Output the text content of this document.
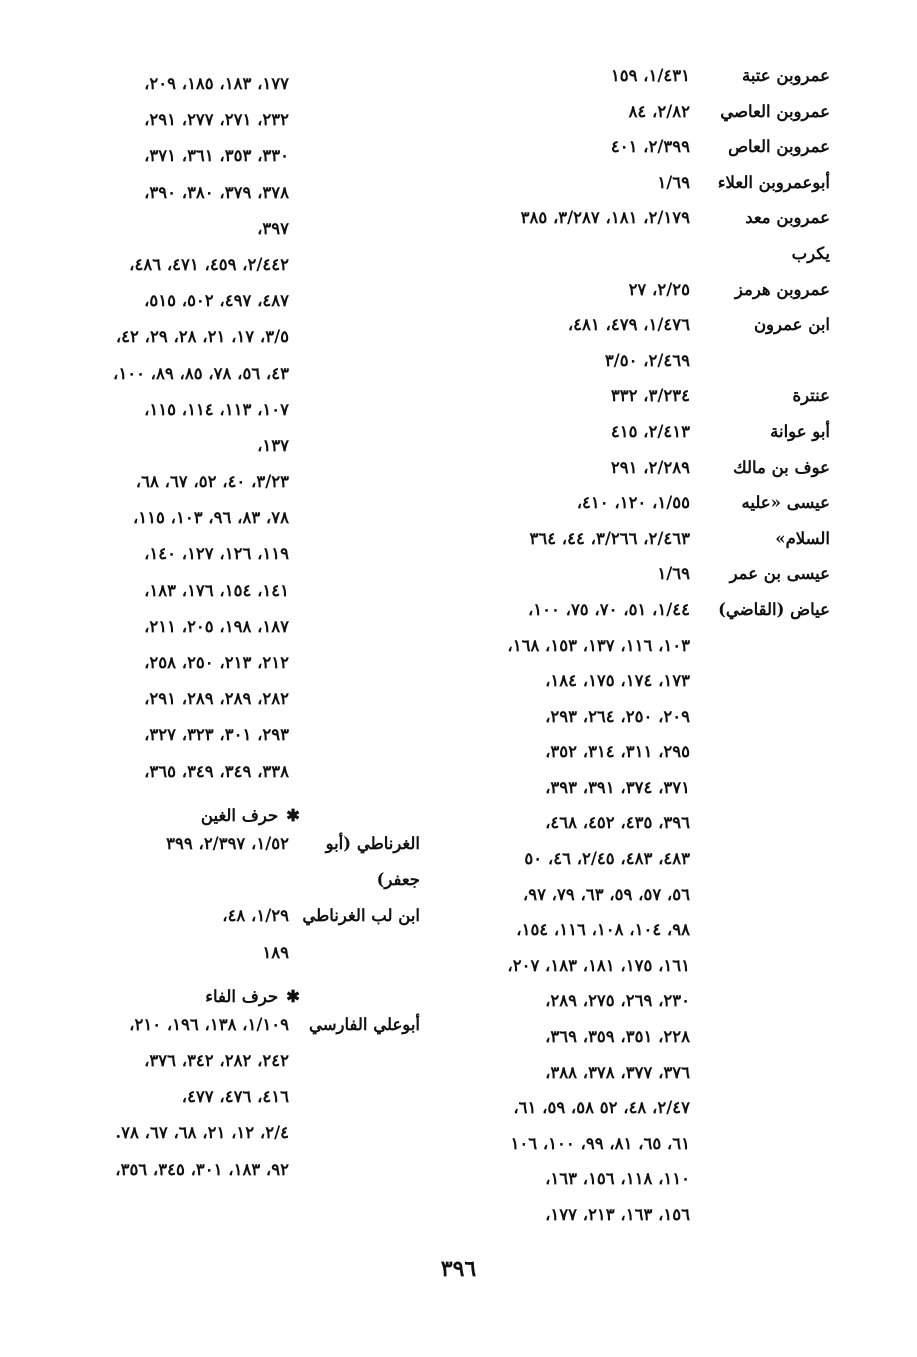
عمروبن عتبة
١/٤٣١، ١٥٩
عمروبن العاصي
٢/٨٢، ٨٤
عمروبن العاص
٢/٣٩٩، ٤٠١
أبوعمروبن العلاء
١/٦٩
عمروبن معد
٢/١٧٩، ١٨١، ٣/٢٨٧، ٣٨٥
يكرب
عمروبن هرمز
٢/٢٥، ٢٧
ابن عمرون
١/٤٧٦، ٤٧٩، ٤٨١،
٢/٤٦٩، ٣/٥٠
عنترة
٣/٢٣٤، ٣٣٢
أبو عوانة
٢/٤١٣، ٤١٥
عوف بن مالك
٢/٢٨٩، ٢٩١
عيسى «عليه
١/٥٥، ١٢٠، ٤١٠،
السلام»
٢/٤٦٣، ٣/٢٦٦، ٤٤، ٣٦٤
عيسى بن عمر
١/٦٩
عياض (القاضي)
١/٤٤، ٥١، ٧٠، ٧٥، ١٠٠،
١٠٣، ١١٦، ١٣٧، ١٥٣، ١٦٨،
١٧٣، ١٧٤، ١٧٥، ١٨٤،
٢٠٩، ٢٥٠، ٢٦٤، ٢٩٣،
٢٩٥، ٣١١، ٣١٤، ٣٥٢،
٣٧١، ٣٧٤، ٣٩١، ٣٩٣،
٣٩٦، ٤٣٥، ٤٥٢، ٤٦٨،
٤٨٣، ٤٨٣، ٢/٤٥، ٤٦، ٥٠
٥٦، ٥٧، ٥٩، ٦٣، ٧٩، ٩٧،
٩٨، ١٠٤، ١٠٨، ١١٦، ١٥٤،
١٦١، ١٧٥، ١٨١، ١٨٣، ٢٠٧،
٢٣٠، ٢٦٩، ٢٧٥، ٢٨٩،
٢٢٨، ٣٥١، ٣٥٩، ٣٦٩،
٣٧٦، ٣٧٧، ٣٧٨، ٣٨٨،
٢/٤٧، ٤٨، ٥٢ ٥٨، ٥٩، ٦١،
٦١، ٦٥، ٨١، ٩٩، ١٠٠، ١٠٦
١١٠، ١١٨، ١٥٦، ١٦٣،
١٥٦، ١٦٣، ٢١٣، ١٧٧،
١٧٧، ١٨٣، ١٨٥، ٢٠٩،
٢٣٢، ٢٧١، ٢٧٧، ٢٩١،
٣٣٠، ٣٥٣، ٣٦١، ٣٧١،
٣٧٨، ٣٧٩، ٣٨٠، ٣٩٠،
٣٩٧،
٢/٤٤٢، ٤٥٩، ٤٧١، ٤٨٦،
٤٨٧، ٤٩٧، ٥٠٢، ٥١٥،
٣/٥، ١٧، ٢١، ٢٨، ٢٩، ٤٢،
٤٣، ٥٦، ٧٨، ٨٥، ٨٩، ١٠٠،
١٠٧، ١١٣، ١١٤، ١١٥،
١٣٧،
٣/٢٣، ٤٠، ٥٢، ٦٧، ٦٨،
٧٨، ٨٣، ٩٦، ١٠٣، ١١٥،
١١٩، ١٢٦، ١٢٧، ١٤٠،
١٤١، ١٥٤، ١٧٦، ١٨٣،
١٨٧، ١٩٨، ٢٠٥، ٢١١،
٢١٢، ٢١٣، ٢٥٠، ٢٥٨،
٢٨٢، ٢٨٩، ٢٨٩، ٢٩١،
٢٩٣، ٣٠١، ٣٢٣، ٣٢٧،
٣٣٨، ٣٤٩، ٣٤٩، ٣٦٥،
✱
حرف الغين
الغرناطي (أبو
١/٥٢، ٢/٣٩٧، ٣٩٩
جعفر)
ابن لب الغرناطي
١/٢٩، ٤٨،
١٨٩
✱
حرف الفاء
أبوعلي الفارسي
١/١٠٩، ١٣٨، ١٩٦، ٢١٠،
٢٤٢، ٢٨٢، ٣٤٢، ٣٧٦،
٤١٦، ٤٧٦، ٤٧٧،
٢/٤، ١٢، ٢١، ٦٨، ٦٧، ٧٨.
٩٢، ١٨٣، ٣٠١، ٣٤٥، ٣٥٦،
٣٩٦
